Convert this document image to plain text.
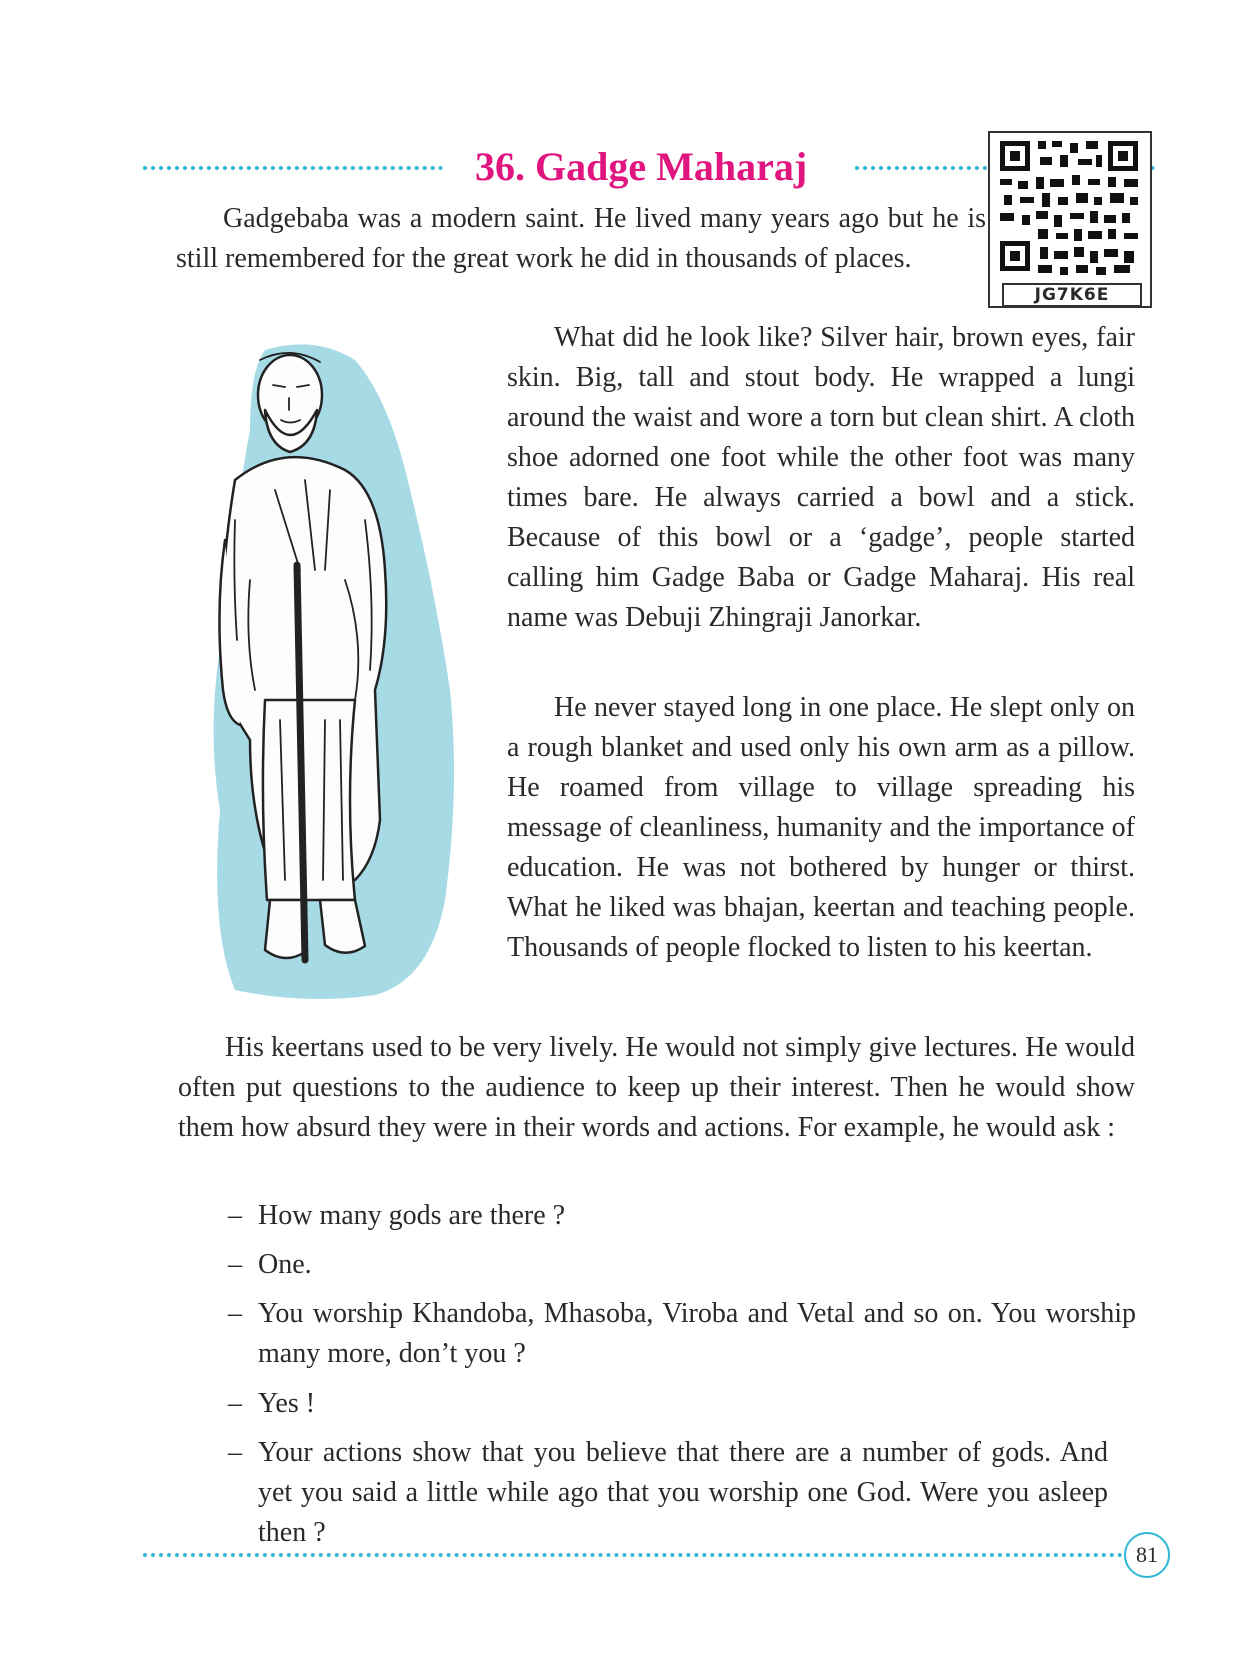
36. Gadge Maharaj
JG7K6E

Gadgebaba was a modern saint. He lived many years ago but he is still remembered for the great work he did in thousands of places.

What did he look like? Silver hair, brown eyes, fair skin. Big, tall and stout body. He wrapped a lungi around the waist and wore a torn but clean shirt. A cloth shoe adorned one foot while the other foot was many times bare. He always carried a bowl and a stick. Because of this bowl or a ‘gadge’, people started calling him Gadge Baba or Gadge Maharaj. His real name was Debuji Zhingraji Janorkar.

He never stayed long in one place. He slept only on a rough blanket and used only his own arm as a pillow. He roamed from village to village spreading his message of cleanliness, humanity and the importance of education. He was not bothered by hunger or thirst. What he liked was bhajan, keertan and teaching people. Thousands of people flocked to listen to his keertan.

His keertans used to be very lively. He would not simply give lectures. He would often put questions to the audience to keep up their interest. Then he would show them how absurd they were in their words and actions. For example, he would ask :

– How many gods are there ?

– One.

– You worship Khandoba, Mhasoba, Viroba and Vetal and so on. You worship many more, don’t you ?

– Yes !

– Your actions show that you believe that there are a number of gods. And yet you said a little while ago that you worship one God. Were you asleep then ?

81
